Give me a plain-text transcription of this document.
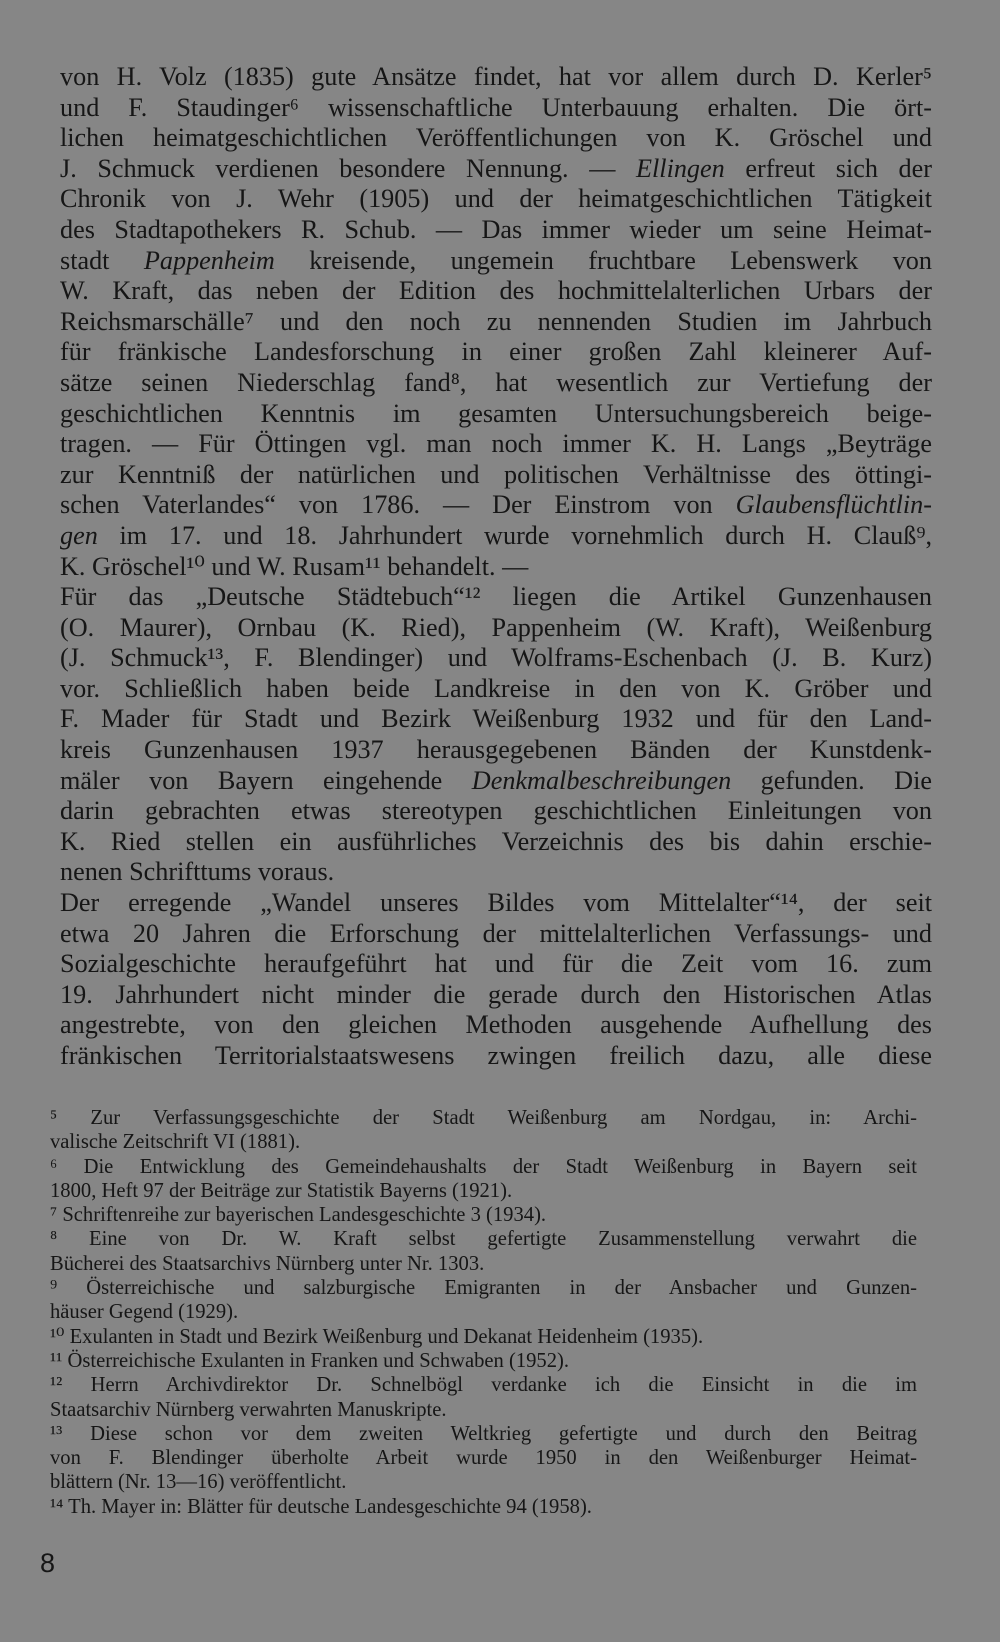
von H. Volz (1835) gute Ansätze findet, hat vor allem durch D. Kerler⁵
und F. Staudinger⁶ wissenschaftliche Unterbauung erhalten. Die ört-
lichen heimatgeschichtlichen Veröffentlichungen von K. Gröschel und
J. Schmuck verdienen besondere Nennung. — Ellingen erfreut sich der
Chronik von J. Wehr (1905) und der heimatgeschichtlichen Tätigkeit
des Stadtapothekers R. Schub. — Das immer wieder um seine Heimat-
stadt Pappenheim kreisende, ungemein fruchtbare Lebenswerk von
W. Kraft, das neben der Edition des hochmittelalterlichen Urbars der
Reichsmarschälle⁷ und den noch zu nennenden Studien im Jahrbuch
für fränkische Landesforschung in einer großen Zahl kleinerer Auf-
sätze seinen Niederschlag fand⁸, hat wesentlich zur Vertiefung der
geschichtlichen Kenntnis im gesamten Untersuchungsbereich beige-
tragen. — Für Öttingen vgl. man noch immer K. H. Langs „Beyträge
zur Kenntniß der natürlichen und politischen Verhältnisse des öttingi-
schen Vaterlandes“ von 1786. — Der Einstrom von Glaubensflüchtlin-
gen im 17. und 18. Jahrhundert wurde vornehmlich durch H. Clauß⁹,
K. Gröschel¹⁰ und W. Rusam¹¹ behandelt. —
Für das „Deutsche Städtebuch“¹² liegen die Artikel Gunzenhausen
(O. Maurer), Ornbau (K. Ried), Pappenheim (W. Kraft), Weißenburg
(J. Schmuck¹³, F. Blendinger) und Wolframs-Eschenbach (J. B. Kurz)
vor. Schließlich haben beide Landkreise in den von K. Gröber und
F. Mader für Stadt und Bezirk Weißenburg 1932 und für den Land-
kreis Gunzenhausen 1937 herausgegebenen Bänden der Kunstdenk-
mäler von Bayern eingehende Denkmalbeschreibungen gefunden. Die
darin gebrachten etwas stereotypen geschichtlichen Einleitungen von
K. Ried stellen ein ausführliches Verzeichnis des bis dahin erschie-
nenen Schrifttums voraus.
Der erregende „Wandel unseres Bildes vom Mittelalter“¹⁴, der seit
etwa 20 Jahren die Erforschung der mittelalterlichen Verfassungs- und
Sozialgeschichte heraufgeführt hat und für die Zeit vom 16. zum
19. Jahrhundert nicht minder die gerade durch den Historischen Atlas
angestrebte, von den gleichen Methoden ausgehende Aufhellung des
fränkischen Territorialstaatswesens zwingen freilich dazu, alle diese
⁵ Zur Verfassungsgeschichte der Stadt Weißenburg am Nordgau, in: Archi-
valische Zeitschrift VI (1881).
⁶ Die Entwicklung des Gemeindehaushalts der Stadt Weißenburg in Bayern seit
1800, Heft 97 der Beiträge zur Statistik Bayerns (1921).
⁷ Schriftenreihe zur bayerischen Landesgeschichte 3 (1934).
⁸ Eine von Dr. W. Kraft selbst gefertigte Zusammenstellung verwahrt die
Bücherei des Staatsarchivs Nürnberg unter Nr. 1303.
⁹ Österreichische und salzburgische Emigranten in der Ansbacher und Gunzen-
häuser Gegend (1929).
¹⁰ Exulanten in Stadt und Bezirk Weißenburg und Dekanat Heidenheim (1935).
¹¹ Österreichische Exulanten in Franken und Schwaben (1952).
¹² Herrn Archivdirektor Dr. Schnelbögl verdanke ich die Einsicht in die im
Staatsarchiv Nürnberg verwahrten Manuskripte.
¹³ Diese schon vor dem zweiten Weltkrieg gefertigte und durch den Beitrag
von F. Blendinger überholte Arbeit wurde 1950 in den Weißenburger Heimat-
blättern (Nr. 13—16) veröffentlicht.
¹⁴ Th. Mayer in: Blätter für deutsche Landesgeschichte 94 (1958).
8
